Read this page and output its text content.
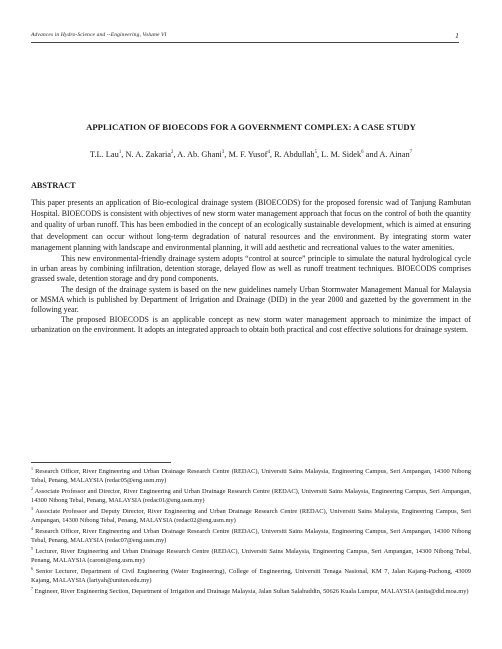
Advances in Hydro-Science and --Engineering, Volume VI	1
APPLICATION OF BIOECODS FOR A GOVERNMENT COMPLEX: A CASE STUDY
T.L. Lau$^1$, N. A. Zakaria$^2$, A. Ab. Ghani$^3$, M. F. Yusof$^4$, R. Abdullah$^5$, L. M. Sidek$^6$ and A. Ainan$^7$
ABSTRACT

This paper presents an application of Bio-ecological drainage system (BIOECODS) for the proposed forensic wad of Tanjung Rambutan Hospital. BIOECODS is consistent with objectives of new storm water management approach that focus on the control of both the quantity and quality of urban runoff. This has been embodied in the concept of an ecologically sustainable development, which is aimed at ensuring that development can occur without long-term degradation of natural resources and the environment. By integrating storm water management planning with landscape and environmental planning, it will add aesthetic and recreational values to the water amenities.

This new environmental-friendly drainage system adopts “control at source” principle to simulate the natural hydrological cycle in urban areas by combining infiltration, detention storage, delayed flow as well as runoff treatment techniques. BIOECODS comprises grassed swale, detention storage and dry pond components.

The design of the drainage system is based on the new guidelines namely Urban Stormwater Management Manual for Malaysia or MSMA which is published by Department of Irrigation and Drainage (DID) in the year 2000 and gazetted by the government in the following year.

The proposed BIOECODS is an applicable concept as new storm water management approach to minimize the impact of urbanization on the environment. It adopts an integrated approach to obtain both practical and cost effective solutions for drainage system.

$^1$ Research Officer, River Engineering and Urban Drainage Research Centre (REDAC), Universiti Sains Malaysia, Engineering Campus, Seri Ampangan, 14300 Nibong Tebal, Penang, MALAYSIA (redac05@eng.usm.my)

$^2$ Associate Professor and Director, River Engineering and Urban Drainage Research Centre (REDAC), Universiti Sains Malaysia, Engineering Campus, Seri Ampangan, 14300 Nibong Tebal, Penang, MALAYSIA (redac01@eng.usm.my)

$^3$ Associate Professor and Deputy Director, River Engineering and Urban Drainage Research Centre (REDAC), Universiti Sains Malaysia, Engineering Campus, Seri Ampangan, 14300 Nibong Tebal, Penang, MALAYSIA (redac02@eng.usm.my)

$^4$ Research Officer, River Engineering and Urban Drainage Research Centre (REDAC), Universiti Sains Malaysia, Engineering Campus, Seri Ampangan, 14300 Nibong Tebal, Penang, MALAYSIA (redac07@eng.usm.my)

$^5$ Lecturer, River Engineering and Urban Drainage Research Centre (REDAC), Universiti Sains Malaysia, Engineering Campus, Seri Ampangan, 14300 Nibong Tebal, Penang, MALAYSIA (caroni@eng.usm.my)

$^6$ Senior Lecturer, Department of Civil Engineering (Water Engineering), College of Engineering, Universiti Tenaga Nasional, KM 7, Jalan Kajang-Puchong, 43009 Kajang, MALAYSIA (lariyah@uniten.edu.my)

$^7$ Engineer, River Engineering Section, Department of Irrigation and Drainage Malaysia, Jalan Sultan Salahuddin, 50626 Kuala Lumpur, MALAYSIA (anita@did.moa.my)
